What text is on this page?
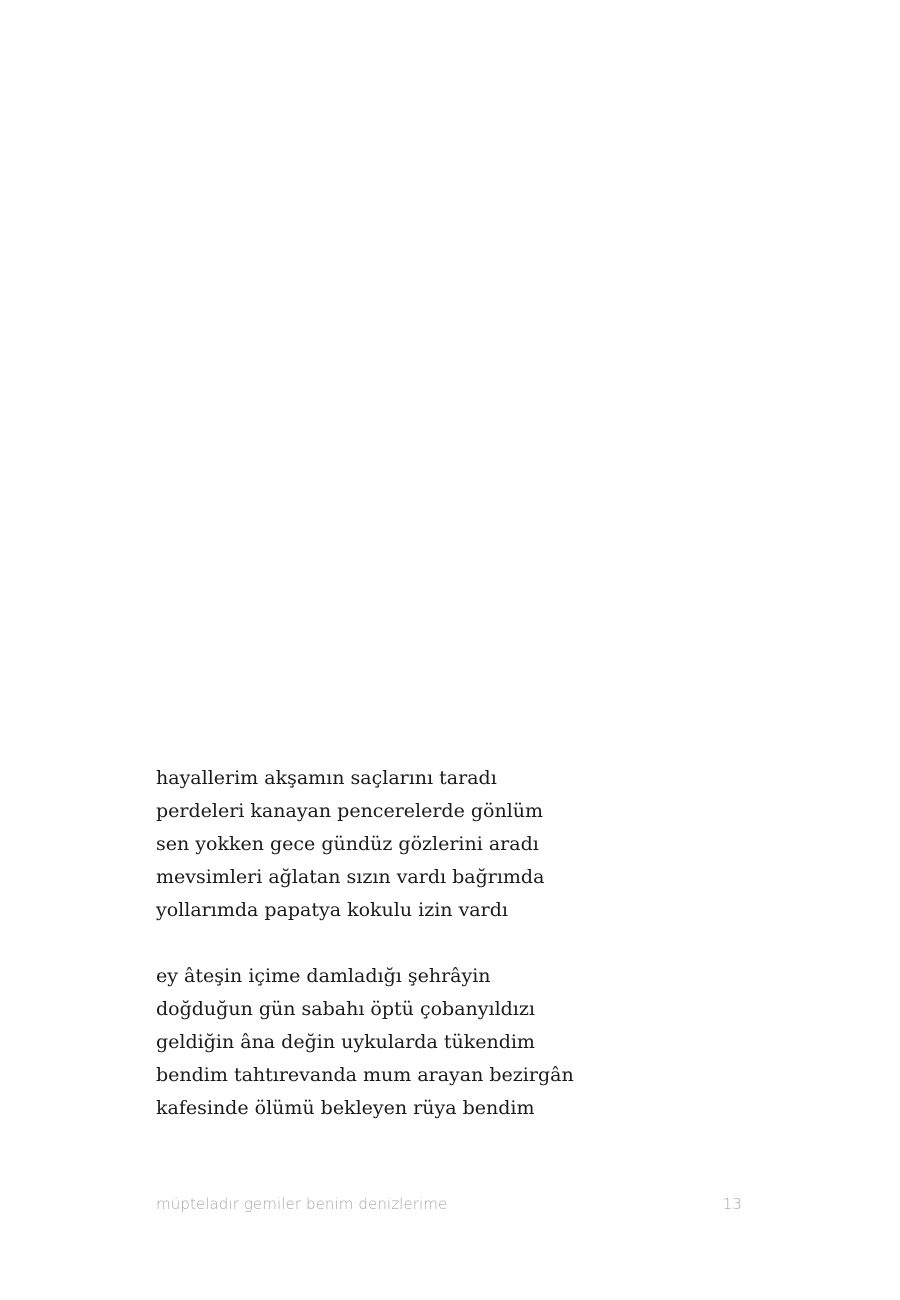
hayallerim akşamın saçlarını taradı
perdeleri kanayan pencerelerde gönlüm
sen yokken gece gündüz gözlerini aradı
mevsimleri ağlatan sızın vardı bağrımda
yollarımda papatya kokulu izin vardı
ey âteşin içime damladığı şehrâyin
doğduğun gün sabahı öptü çobanyıldızı
geldiğin âna değin uykularda tükendim
bendim tahtırevanda mum arayan bezirgân
kafesinde ölümü bekleyen rüya bendim
müpteladır gemiler benim denizlerime	13
